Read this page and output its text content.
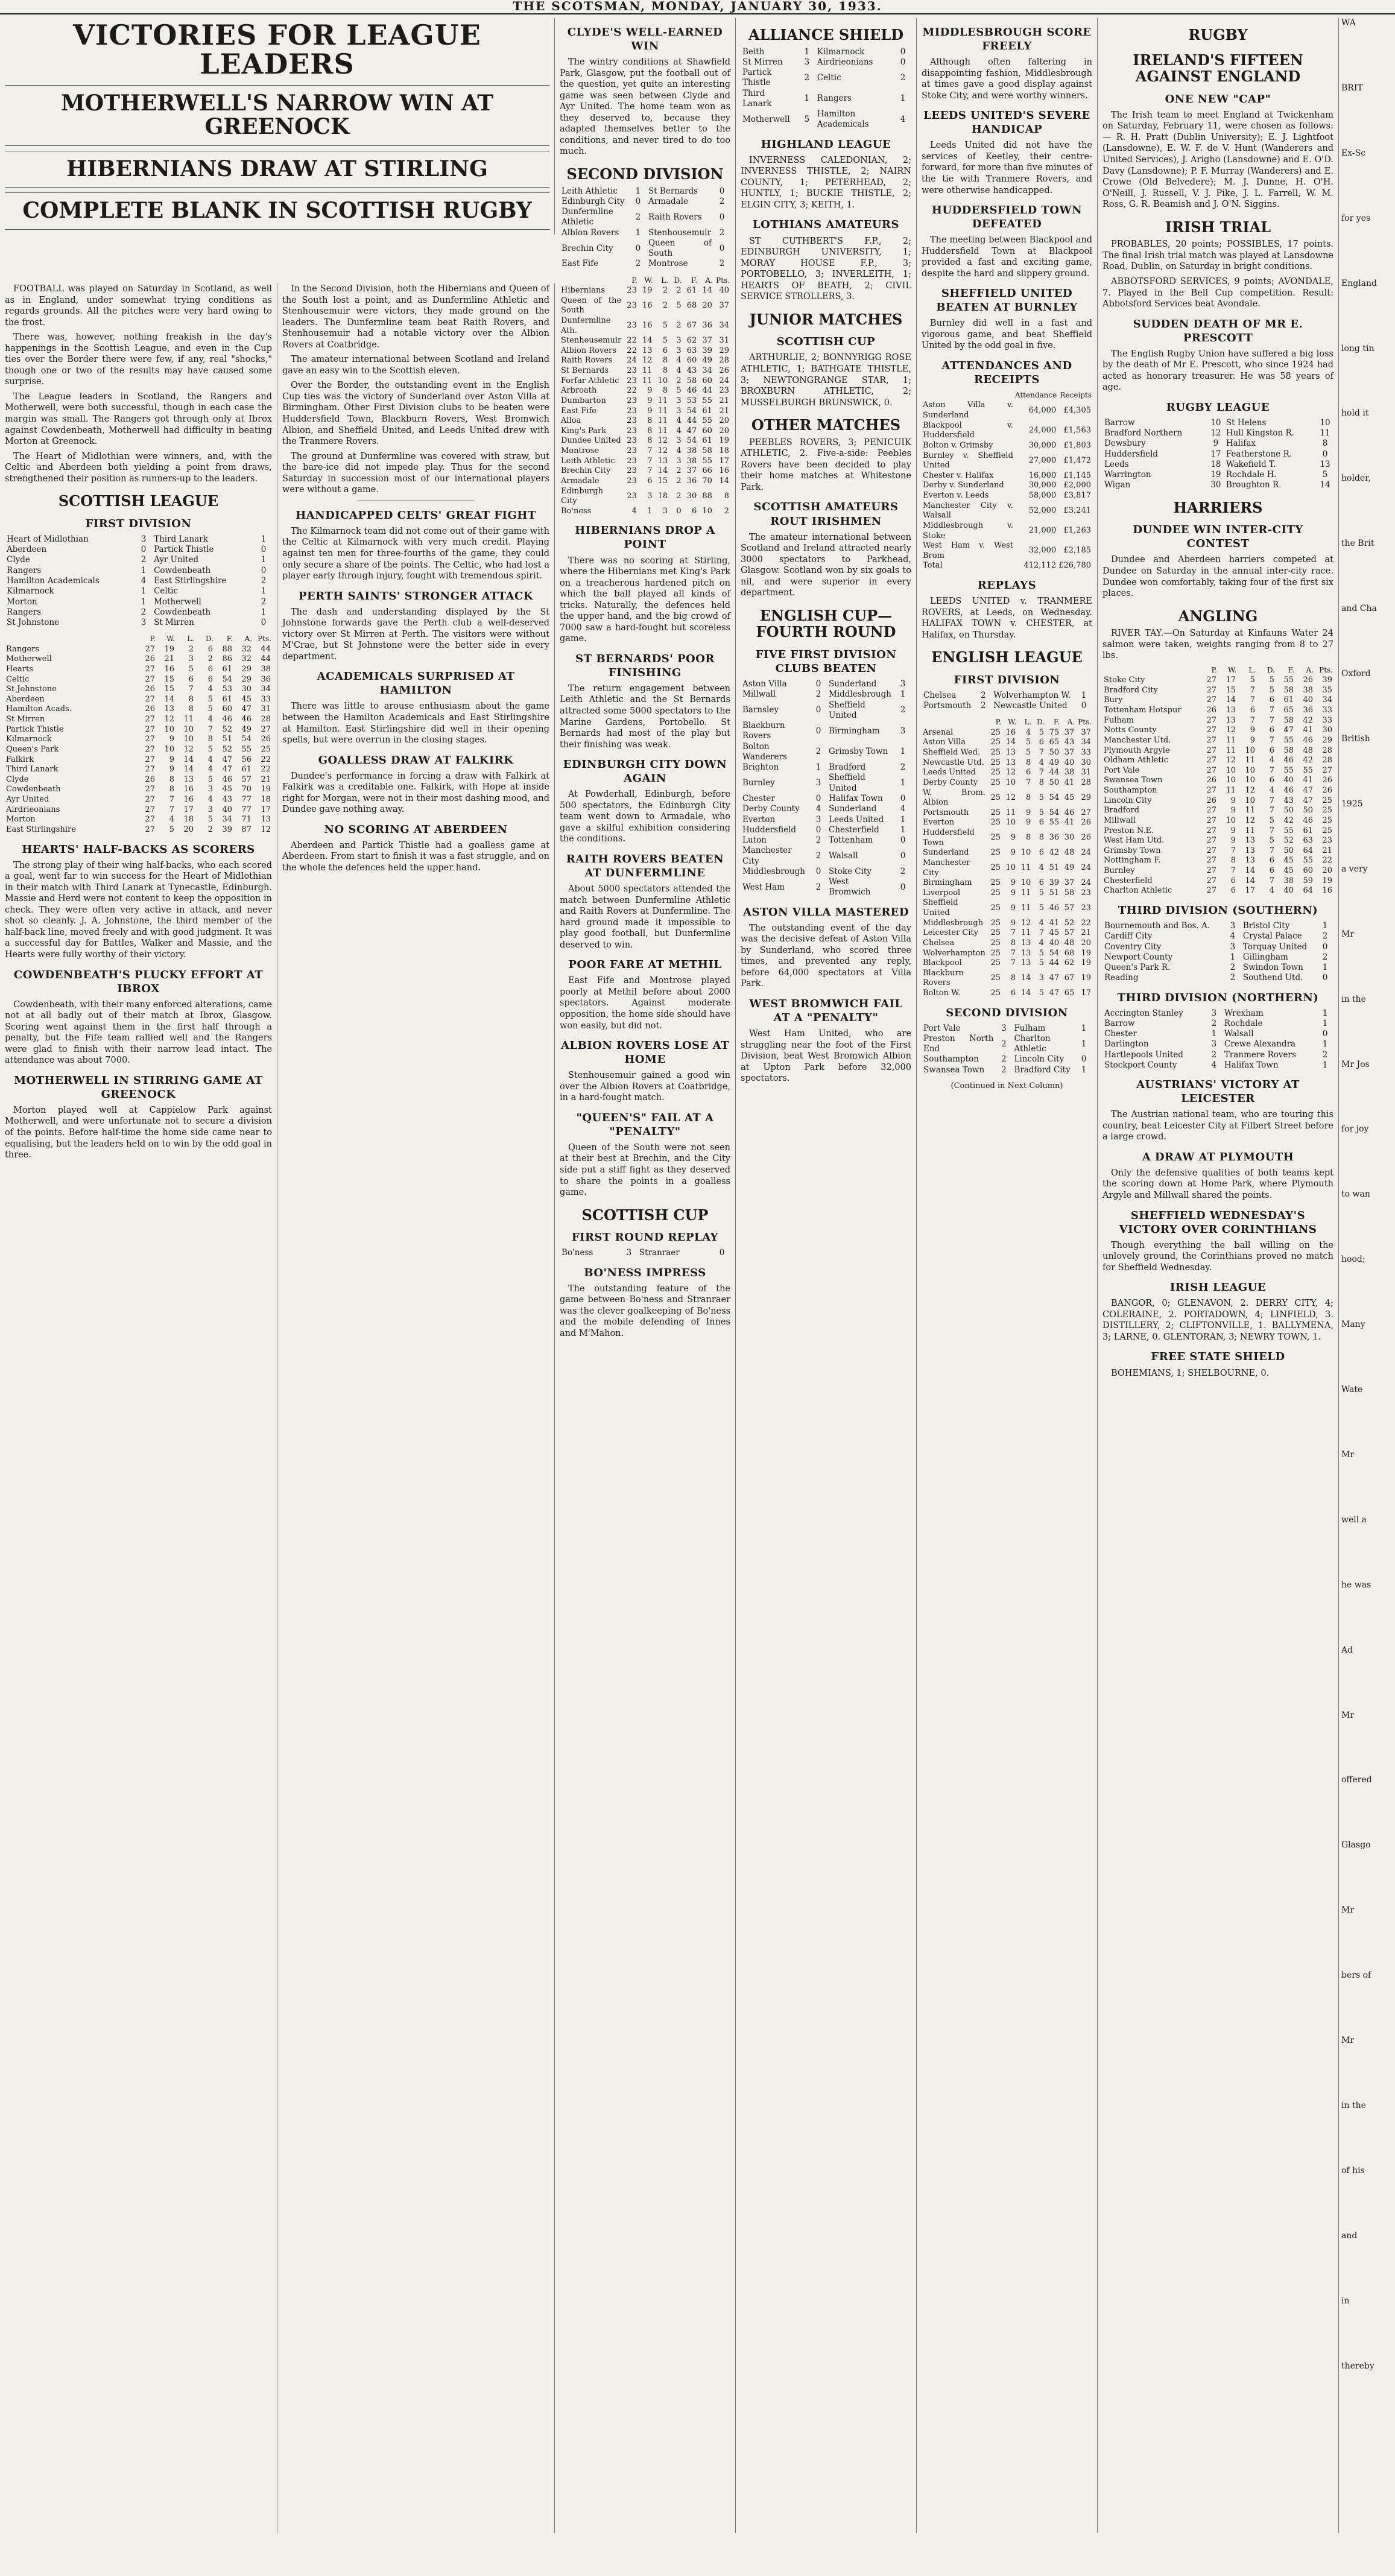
THE SCOTSMAN, MONDAY, JANUARY 30, 1933.
VICTORIES FOR LEAGUE LEADERS
MOTHERWELL'S NARROW WIN AT GREENOCK
HIBERNIANS DRAW AT STIRLING
COMPLETE BLANK IN SCOTTISH RUGBY

FOOTBALL was played on Saturday in Scotland, as well as in England, under somewhat trying conditions as regards grounds. All the pitches were very hard owing to the frost.

There was, however, nothing freakish in the day's happenings in the Scottish League, and even in the Cup ties over the Border there were few, if any, real "shocks," though one or two of the results may have caused some surprise.

The League leaders in Scotland, the Rangers and Motherwell, were both successful, though in each case the margin was small. The Rangers got through only at Ibrox against Cowdenbeath, Motherwell had difficulty in beating Morton at Greenock.

The Heart of Midlothian were winners, and, with the Celtic and Aberdeen both yielding a point from draws, strengthened their position as runners-up to the leaders.

SCOTTISH LEAGUE
FIRST DIVISION
Heart of Midlothian	3	Third Lanark	1
Aberdeen	0	Partick Thistle	0
Clyde	2	Ayr United	1
Rangers	1	Cowdenbeath	0
Hamilton Academicals	4	East Stirlingshire	2
Kilmarnock	1	Celtic	1
Morton	1	Motherwell	2
Rangers	2	Cowdenbeath	1
St Johnstone	3	St Mirren	0
	P.	W.	L.	D.	F.	A.	Pts.
Rangers	27	19	2	6	88	32	44
Motherwell	26	21	3	2	86	32	44
Hearts	27	16	5	6	61	29	38
Celtic	27	15	6	6	54	29	36
St Johnstone	26	15	7	4	53	30	34
Aberdeen	27	14	8	5	61	45	33
Hamilton Acads.	26	13	8	5	60	47	31
St Mirren	27	12	11	4	46	46	28
Partick Thistle	27	10	10	7	52	49	27
Kilmarnock	27	9	10	8	51	54	26
Queen's Park	27	10	12	5	52	55	25
Falkirk	27	9	14	4	47	56	22
Third Lanark	27	9	14	4	47	61	22
Clyde	26	8	13	5	46	57	21
Cowdenbeath	27	8	16	3	45	70	19
Ayr United	27	7	16	4	43	77	18
Airdrieonians	27	7	17	3	40	77	17
Morton	27	4	18	5	34	71	13
East Stirlingshire	27	5	20	2	39	87	12
HEARTS' HALF-BACKS AS SCORERS

The strong play of their wing half-backs, who each scored a goal, went far to win success for the Heart of Midlothian in their match with Third Lanark at Tynecastle, Edinburgh. Massie and Herd were not content to keep the opposition in check. They were often very active in attack, and never shot so cleanly. J. A. Johnstone, the third member of the half-back line, moved freely and with good judgment. It was a successful day for Battles, Walker and Massie, and the Hearts were fully worthy of their victory.

COWDENBEATH'S PLUCKY EFFORT AT IBROX

Cowdenbeath, with their many enforced alterations, came not at all badly out of their match at Ibrox, Glasgow. Scoring went against them in the first half through a penalty, but the Fife team rallied well and the Rangers were glad to finish with their narrow lead intact. The attendance was about 7000.

MOTHERWELL IN STIRRING GAME AT GREENOCK

Morton played well at Cappielow Park against Motherwell, and were unfortunate not to secure a division of the points. Before half-time the home side came near to equalising, but the leaders held on to win by the odd goal in three.

In the Second Division, both the Hibernians and Queen of the South lost a point, and as Dunfermline Athletic and Stenhousemuir were victors, they made ground on the leaders. The Dunfermline team beat Raith Rovers, and Stenhousemuir had a notable victory over the Albion Rovers at Coatbridge.

The amateur international between Scotland and Ireland gave an easy win to the Scottish eleven.

Over the Border, the outstanding event in the English Cup ties was the victory of Sunderland over Aston Villa at Birmingham. Other First Division clubs to be beaten were Huddersfield Town, Blackburn Rovers, West Bromwich Albion, and Sheffield United, and Leeds United drew with the Tranmere Rovers.

The ground at Dunfermline was covered with straw, but the bare-ice did not impede play. Thus for the second Saturday in succession most of our international players were without a game.

HANDICAPPED CELTS' GREAT FIGHT

The Kilmarnock team did not come out of their game with the Celtic at Kilmarnock with very much credit. Playing against ten men for three-fourths of the game, they could only secure a share of the points. The Celtic, who had lost a player early through injury, fought with tremendous spirit.

PERTH SAINTS' STRONGER ATTACK

The dash and understanding displayed by the St Johnstone forwards gave the Perth club a well-deserved victory over St Mirren at Perth. The visitors were without M'Crae, but St Johnstone were the better side in every department.

ACADEMICALS SURPRISED AT HAMILTON

There was little to arouse enthusiasm about the game between the Hamilton Academicals and East Stirlingshire at Hamilton. East Stirlingshire did well in their opening spells, but were overrun in the closing stages.

GOALLESS DRAW AT FALKIRK

Dundee's performance in forcing a draw with Falkirk at Falkirk was a creditable one. Falkirk, with Hope at inside right for Morgan, were not in their most dashing mood, and Dundee gave nothing away.

NO SCORING AT ABERDEEN

Aberdeen and Partick Thistle had a goalless game at Aberdeen. From start to finish it was a fast struggle, and on the whole the defences held the upper hand.

CLYDE'S WELL-EARNED WIN

The wintry conditions at Shawfield Park, Glasgow, put the football out of the question, yet quite an interesting game was seen between Clyde and Ayr United. The home team won as they deserved to, because they adapted themselves better to the conditions, and never tired to do too much.

SECOND DIVISION
Leith Athletic	1	St Bernards	0
Edinburgh City	0	Armadale	2
Dunfermline Athletic	2	Raith Rovers	0
Albion Rovers	1	Stenhousemuir	2
Brechin City	0	Queen of South	0
East Fife	2	Montrose	2
	P.	W.	L.	D.	F.	A.	Pts.
Hibernians	23	19	2	2	61	14	40
Queen of the South	23	16	2	5	68	20	37
Dunfermline Ath.	23	16	5	2	67	36	34
Stenhousemuir	22	14	5	3	62	37	31
Albion Rovers	22	13	6	3	63	39	29
Raith Rovers	24	12	8	4	60	49	28
St Bernards	23	11	8	4	43	34	26
Forfar Athletic	23	11	10	2	58	60	24
Arbroath	22	9	8	5	46	44	23
Dumbarton	23	9	11	3	53	55	21
East Fife	23	9	11	3	54	61	21
Alloa	23	8	11	4	44	55	20
King's Park	23	8	11	4	47	60	20
Dundee United	23	8	12	3	54	61	19
Montrose	23	7	12	4	38	58	18
Leith Athletic	23	7	13	3	38	55	17
Brechin City	23	7	14	2	37	66	16
Armadale	23	6	15	2	36	70	14
Edinburgh City	23	3	18	2	30	88	8
Bo'ness	4	1	3	0	6	10	2
HIBERNIANS DROP A POINT

There was no scoring at Stirling, where the Hibernians met King's Park on a treacherous hardened pitch on which the ball played all kinds of tricks. Naturally, the defences held the upper hand, and the big crowd of 7000 saw a hard-fought but scoreless game.

ST BERNARDS' POOR FINISHING

The return engagement between Leith Athletic and the St Bernards attracted some 5000 spectators to the Marine Gardens, Portobello. St Bernards had most of the play but their finishing was weak.

EDINBURGH CITY DOWN AGAIN

At Powderhall, Edinburgh, before 500 spectators, the Edinburgh City team went down to Armadale, who gave a skilful exhibition considering the conditions.

RAITH ROVERS BEATEN AT DUNFERMLINE

About 5000 spectators attended the match between Dunfermline Athletic and Raith Rovers at Dunfermline. The hard ground made it impossible to play good football, but Dunfermline deserved to win.

POOR FARE AT METHIL

East Fife and Montrose played poorly at Methil before about 2000 spectators. Against moderate opposition, the home side should have won easily, but did not.

ALBION ROVERS LOSE AT HOME

Stenhousemuir gained a good win over the Albion Rovers at Coatbridge, in a hard-fought match.

"QUEEN'S" FAIL AT A "PENALTY"

Queen of the South were not seen at their best at Brechin, and the City side put a stiff fight as they deserved to share the points in a goalless game.

SCOTTISH CUP
FIRST ROUND REPLAY
Bo'ness	3	Stranraer	0
BO'NESS IMPRESS

The outstanding feature of the game between Bo'ness and Stranraer was the clever goalkeeping of Bo'ness and the mobile defending of Innes and M'Mahon.

ALLIANCE SHIELD
Beith	1	Kilmarnock	0
St Mirren	3	Airdrieonians	0
Partick Thistle	2	Celtic	2
Third Lanark	1	Rangers	1
Motherwell	5	Hamilton Academicals	4
HIGHLAND LEAGUE

INVERNESS CALEDONIAN, 2; INVERNESS THISTLE, 2; NAIRN COUNTY, 1; PETERHEAD, 2; HUNTLY, 1; BUCKIE THISTLE, 2; ELGIN CITY, 3; KEITH, 1.

LOTHIANS AMATEURS

ST CUTHBERT'S F.P., 2; EDINBURGH UNIVERSITY, 1; MORAY HOUSE F.P., 3; PORTOBELLO, 3; INVERLEITH, 1; HEARTS OF BEATH, 2; CIVIL SERVICE STROLLERS, 3.

JUNIOR MATCHES
SCOTTISH CUP

ARTHURLIE, 2; BONNYRIGG ROSE ATHLETIC, 1; BATHGATE THISTLE, 3; NEWTONGRANGE STAR, 1; BROXBURN ATHLETIC, 2; MUSSELBURGH BRUNSWICK, 0.

OTHER MATCHES

PEEBLES ROVERS, 3; PENICUIK ATHLETIC, 2. Five-a-side: Peebles Rovers have been decided to play their home matches at Whitestone Park.

SCOTTISH AMATEURS ROUT IRISHMEN

The amateur international between Scotland and Ireland attracted nearly 3000 spectators to Parkhead, Glasgow. Scotland won by six goals to nil, and were superior in every department.

ENGLISH CUP—FOURTH ROUND
FIVE FIRST DIVISION CLUBS BEATEN
Aston Villa	0	Sunderland	3
Millwall	2	Middlesbrough	1
Barnsley	0	Sheffield United	2
Blackburn Rovers	0	Birmingham	3
Bolton Wanderers	2	Grimsby Town	1
Brighton	1	Bradford	2
Burnley	3	Sheffield United	1
Chester	0	Halifax Town	0
Derby County	4	Sunderland	4
Everton	3	Leeds United	1
Huddersfield	0	Chesterfield	1
Luton	2	Tottenham	0
Manchester City	2	Walsall	0
Middlesbrough	0	Stoke City	2
West Ham	2	West Bromwich	0
ASTON VILLA MASTERED

The outstanding event of the day was the decisive defeat of Aston Villa by Sunderland, who scored three times, and prevented any reply, before 64,000 spectators at Villa Park.

WEST BROMWICH FAIL AT A "PENALTY"

West Ham United, who are struggling near the foot of the First Division, beat West Bromwich Albion at Upton Park before 32,000 spectators.

MIDDLESBROUGH SCORE FREELY

Although often faltering in disappointing fashion, Middlesbrough at times gave a good display against Stoke City, and were worthy winners.

LEEDS UNITED'S SEVERE HANDICAP

Leeds United did not have the services of Keetley, their centre-forward, for more than five minutes of the tie with Tranmere Rovers, and were otherwise handicapped.

HUDDERSFIELD TOWN DEFEATED

The meeting between Blackpool and Huddersfield Town at Blackpool provided a fast and exciting game, despite the hard and slippery ground.

SHEFFIELD UNITED BEATEN AT BURNLEY

Burnley did well in a fast and vigorous game, and beat Sheffield United by the odd goal in five.

ATTENDANCES AND RECEIPTS
	Attendance	Receipts
Aston Villa v. Sunderland	64,000	£4,305
Blackpool v. Huddersfield	24,000	£1,563
Bolton v. Grimsby	30,000	£1,803
Burnley v. Sheffield United	27,000	£1,472
Chester v. Halifax	16,000	£1,145
Derby v. Sunderland	30,000	£2,000
Everton v. Leeds	58,000	£3,817
Manchester City v. Walsall	52,000	£3,241
Middlesbrough v. Stoke	21,000	£1,263
West Ham v. West Brom	32,000	£2,185
Total	412,112	£26,780
REPLAYS

LEEDS UNITED v. TRANMERE ROVERS, at Leeds, on Wednesday. HALIFAX TOWN v. CHESTER, at Halifax, on Thursday.

ENGLISH LEAGUE
FIRST DIVISION
Chelsea	2	Wolverhampton W.	1
Portsmouth	2	Newcastle United	0
	P.	W.	L.	D.	F.	A.	Pts.
Arsenal	25	16	4	5	75	37	37
Aston Villa	25	14	5	6	65	43	34
Sheffield Wed.	25	13	5	7	50	37	33
Newcastle Utd.	25	13	8	4	49	40	30
Leeds United	25	12	6	7	44	38	31
Derby County	25	10	7	8	50	41	28
W. Brom. Albion	25	12	8	5	54	45	29
Portsmouth	25	11	9	5	54	46	27
Everton	25	10	9	6	55	41	26
Huddersfield Town	25	9	8	8	36	30	26
Sunderland	25	9	10	6	42	48	24
Manchester City	25	10	11	4	51	49	24
Birmingham	25	9	10	6	39	37	24
Liverpool	25	9	11	5	51	58	23
Sheffield United	25	9	11	5	46	57	23
Middlesbrough	25	9	12	4	41	52	22
Leicester City	25	7	11	7	45	57	21
Chelsea	25	8	13	4	40	48	20
Wolverhampton	25	7	13	5	54	68	19
Blackpool	25	7	13	5	44	62	19
Blackburn Rovers	25	8	14	3	47	67	19
Bolton W.	25	6	14	5	47	65	17
SECOND DIVISION
Port Vale	3	Fulham	1
Preston North End	2	Charlton Athletic	1
Southampton	2	Lincoln City	0
Swansea Town	2	Bradford City	1
(Continued in Next Column)
RUGBY
IRELAND'S FIFTEEN AGAINST ENGLAND
ONE NEW "CAP"

The Irish team to meet England at Twickenham on Saturday, February 11, were chosen as follows:— R. H. Pratt (Dublin University); E. J. Lightfoot (Lansdowne), E. W. F. de V. Hunt (Wanderers and United Services), J. Arigho (Lansdowne) and E. O'D. Davy (Lansdowne); P. F. Murray (Wanderers) and E. Crowe (Old Belvedere); M. J. Dunne, H. O'H. O'Neill, J. Russell, V. J. Pike, J. L. Farrell, W. M. Ross, G. R. Beamish and J. O'N. Siggins.

IRISH TRIAL

PROBABLES, 20 points; POSSIBLES, 17 points. The final Irish trial match was played at Lansdowne Road, Dublin, on Saturday in bright conditions.

ABBOTSFORD SERVICES, 9 points; AVONDALE, 7. Played in the Bell Cup competition. Result: Abbotsford Services beat Avondale.

SUDDEN DEATH OF MR E. PRESCOTT

The English Rugby Union have suffered a big loss by the death of Mr E. Prescott, who since 1924 had acted as honorary treasurer. He was 58 years of age.

RUGBY LEAGUE
Barrow	10	St Helens	10
Bradford Northern	12	Hull Kingston R.	11
Dewsbury	9	Halifax	8
Huddersfield	17	Featherstone R.	0
Leeds	18	Wakefield T.	13
Warrington	19	Rochdale H.	5
Wigan	30	Broughton R.	14
HARRIERS
DUNDEE WIN INTER-CITY CONTEST

Dundee and Aberdeen harriers competed at Dundee on Saturday in the annual inter-city race. Dundee won comfortably, taking four of the first six places.

ANGLING

RIVER TAY.—On Saturday at Kinfauns Water 24 salmon were taken, weights ranging from 8 to 27 lbs.

	P.	W.	L.	D.	F.	A.	Pts.
Stoke City	27	17	5	5	55	26	39
Bradford City	27	15	7	5	58	38	35
Bury	27	14	7	6	61	40	34
Tottenham Hotspur	26	13	6	7	65	36	33
Fulham	27	13	7	7	58	42	33
Notts County	27	12	9	6	47	41	30
Manchester Utd.	27	11	9	7	55	46	29
Plymouth Argyle	27	11	10	6	58	48	28
Oldham Athletic	27	12	11	4	46	42	28
Port Vale	27	10	10	7	55	55	27
Swansea Town	26	10	10	6	40	41	26
Southampton	27	11	12	4	46	47	26
Lincoln City	26	9	10	7	43	47	25
Bradford	27	9	11	7	50	50	25
Millwall	27	10	12	5	42	46	25
Preston N.E.	27	9	11	7	55	61	25
West Ham Utd.	27	9	13	5	52	63	23
Grimsby Town	27	7	13	7	50	64	21
Nottingham F.	27	8	13	6	45	55	22
Burnley	27	7	14	6	45	60	20
Chesterfield	27	6	14	7	38	59	19
Charlton Athletic	27	6	17	4	40	64	16
THIRD DIVISION (SOUTHERN)
Bournemouth and Bos. A.	3	Bristol City	1
Cardiff City	4	Crystal Palace	2
Coventry City	3	Torquay United	0
Newport County	1	Gillingham	2
Queen's Park R.	2	Swindon Town	1
Reading	2	Southend Utd.	0
THIRD DIVISION (NORTHERN)
Accrington Stanley	3	Wrexham	1
Barrow	2	Rochdale	1
Chester	1	Walsall	0
Darlington	3	Crewe Alexandra	1
Hartlepools United	2	Tranmere Rovers	2
Stockport County	4	Halifax Town	1
AUSTRIANS' VICTORY AT LEICESTER

The Austrian national team, who are touring this country, beat Leicester City at Filbert Street before a large crowd.

A DRAW AT PLYMOUTH

Only the defensive qualities of both teams kept the scoring down at Home Park, where Plymouth Argyle and Millwall shared the points.

SHEFFIELD WEDNESDAY'S VICTORY OVER CORINTHIANS

Though everything the ball willing on the unlovely ground, the Corinthians proved no match for Sheffield Wednesday.

IRISH LEAGUE

BANGOR, 0; GLENAVON, 2. DERRY CITY, 4; COLERAINE, 2. PORTADOWN, 4; LINFIELD, 3. DISTILLERY, 2; CLIFTONVILLE, 1. BALLYMENA, 3; LARNE, 0. GLENTORAN, 3; NEWRY TOWN, 1.

FREE STATE SHIELD

BOHEMIANS, 1; SHELBOURNE, 0.

WA
BRIT
Ex-Sc
for yes
England
long tin
hold it
holder,
the Brit
and Cha
Oxford
British
1925
a very
Mr
in the
Mr Jos
for joy
to wan
hood;
Many
Wate
Mr
well a
he was
Ad
Mr
offered
Glasgo
Mr
bers of
Mr
in the
of his
and
in
thereby
